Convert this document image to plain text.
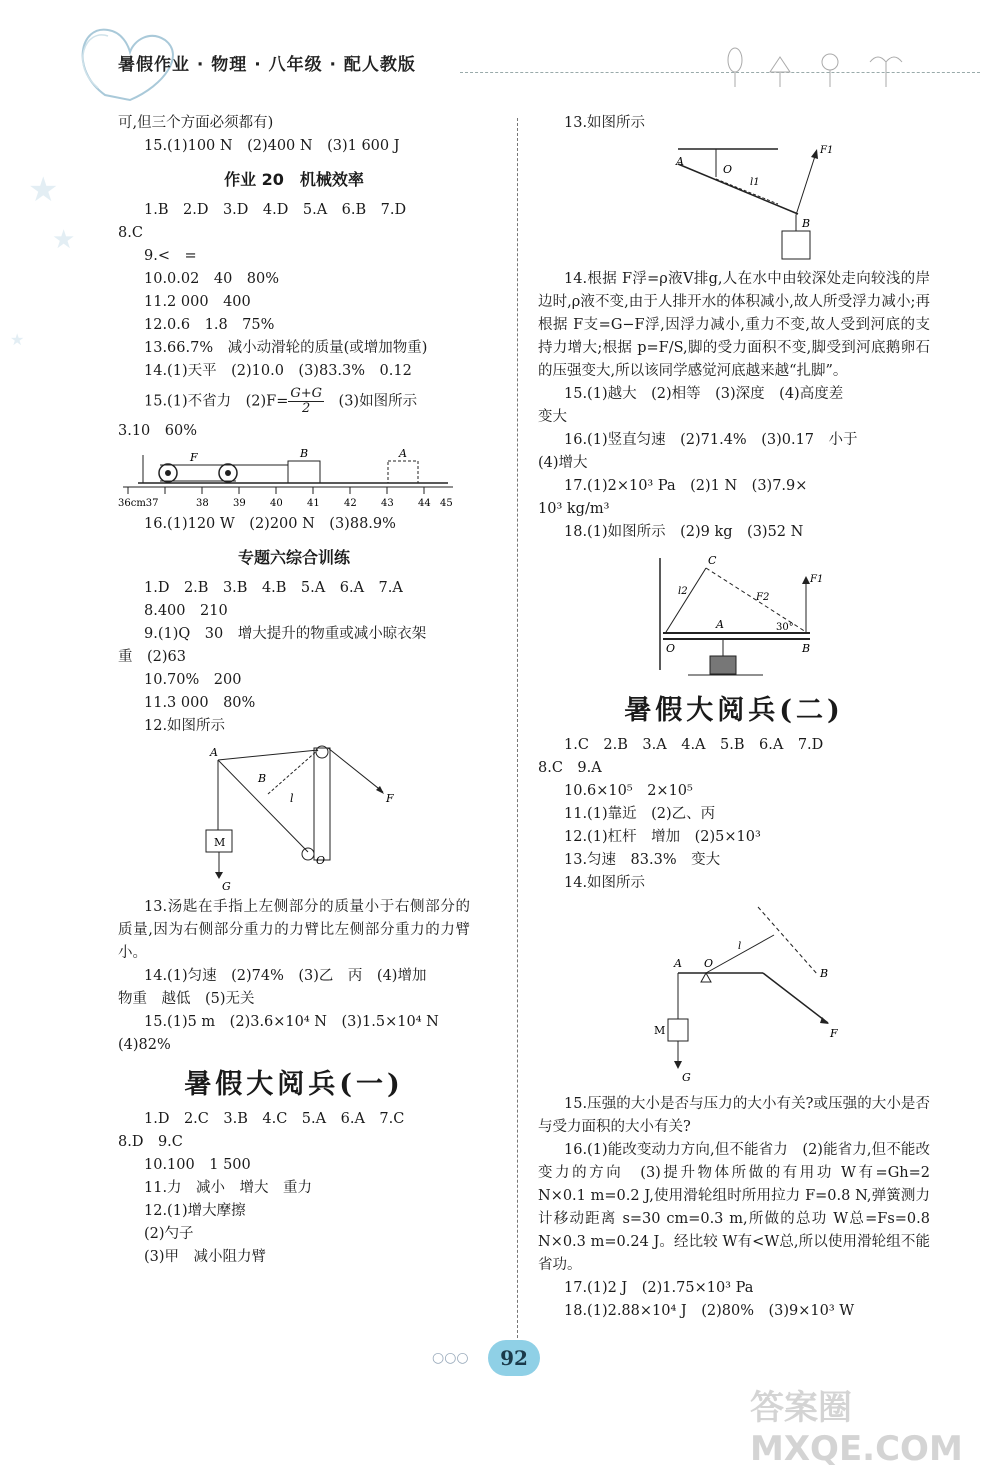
暑假作业 · 物理 · 八年级 · 配人教版
★
★
★
可,但三个方面必须都有)
15.(1)100 N　(2)400 N　(3)1 600 J
作业 20　机械效率
1.B　2.D　3.D　4.D　5.A　6.B　7.D
8.C
9.<　=
10.0.02　40　80%
11.2 000　400
12.0.6　1.8　75%
13.66.7%　减小动滑轮的质量(或增加物重)
14.(1)天平　(2)10.0　(3)83.3%　0.12
15.(1)不省力　$(2)F= \frac{G+G}{2}$ 　(3)如图所示
3.10　60%
F	B	A
36cm37	38 39 40 41 42 43 44 45
16.(1)120 W　(2)200 N　(3)88.9%
专题六综合训练
1.D　2.B　3.B　4.B　5.A　6.A　7.A
8.400　210
9.(1)Q　30　增大提升的物重或减小晾衣架
重　(2)63
10.70%　200
11.3 000　80%
12.如图所示
M
G
A
B
l
O
F
13.汤匙在手指上左侧部分的质量小于右侧部分的质量,因为右侧部分重力的力臂比左侧部分重力的力臂小。
14.(1)匀速　(2)74%　(3)乙　丙　(4)增加
物重　越低　(5)无关
15.(1)5 m　(2)3.6×10⁴ N　(3)1.5×10⁴ N
(4)82%
暑假大阅兵(一)
1.D　2.C　3.B　4.C　5.A　6.A　7.C
8.D　9.C
10.100　1 500
11.力　减小　增大　重力
12.(1)增大摩擦
(2)勺子
(3)甲　减小阻力臂
13.如图所示
A
O
l1
F1
B
14.根据 F浮=ρ液V排g,人在水中由较深处走向较浅的岸边时,ρ液不变,由于人排开水的体积减小,故人所受浮力减小;再根据 F支=G−F浮,因浮力减小,重力不变,故人受到河底的支持力增大;根据 p=F/S,脚的受力面积不变,脚受到河底鹅卵石的压强变大,所以该同学感觉河底越来越“扎脚”。
15.(1)越大　(2)相等　(3)深度　(4)高度差
变大
16.(1)竖直匀速　(2)71.4%　(3)0.17　小于
(4)增大
17.(1)2×10³ Pa　(2)1 N　(3)7.9×
10³ kg/m³
18.(1)如图所示　(2)9 kg　(3)52 N
O
A
B
C
l2
F2
30°
F1
暑假大阅兵(二)
1.C　2.B　3.A　4.A　5.B　6.A　7.D
8.C　9.A
10.6×10⁵　2×10⁵
11.(1)靠近　(2)乙、丙
12.(1)杠杆　增加　(2)5×10³
13.匀速　83.3%　变大
14.如图所示
A O
F
B
l
M
G
15.压强的大小是否与压力的大小有关?或压强的大小是否与受力面积的大小有关?
16.(1)能改变动力方向,但不能省力　(2)能省力,但不能改变力的方向　(3)提升物体所做的有用功 W有=Gh=2 N×0.1 m=0.2 J,使用滑轮组时所用拉力 F=0.8 N,弹簧测力计移动距离 s=30 cm=0.3 m,所做的总功 W总=Fs=0.8 N×0.3 m=0.24 J。经比较 W有<W总,所以使用滑轮组不能省功。
17.(1)2 J　(2)1.75×10³ Pa
18.(1)2.88×10⁴ J　(2)80%　(3)9×10³ W
○○○	92
答案圈 MXQE.COM
